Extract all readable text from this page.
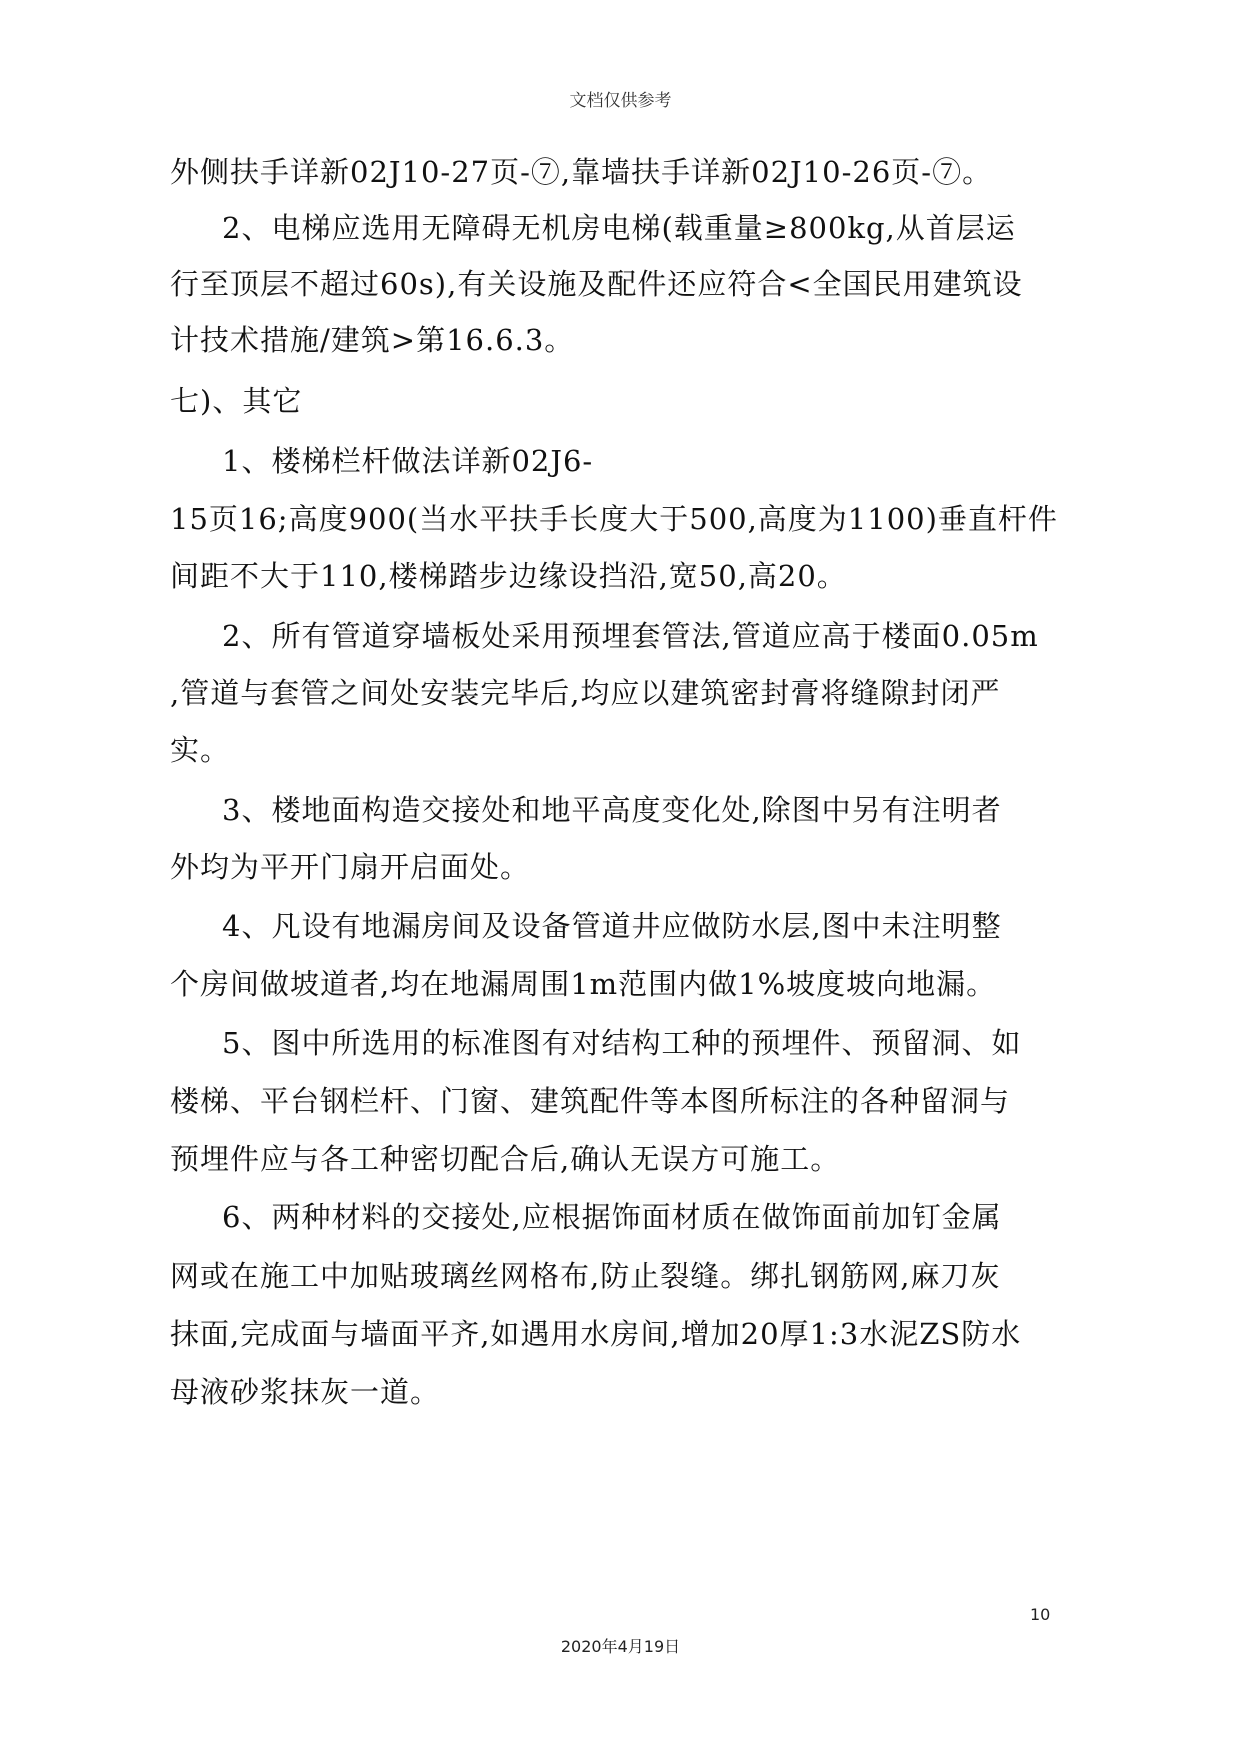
文档仅供参考
外侧扶手详新02J10-27页-⑦,靠墙扶手详新02J10-26页-⑦。
2、电梯应选用无障碍无机房电梯(载重量≥800kg,从首层运
行至顶层不超过60s),有关设施及配件还应符合<全国民用建筑设
计技术措施/建筑>第16.6.3。
七)、其它
1、楼梯栏杆做法详新02J6-
15页16;高度900(当水平扶手长度大于500,高度为1100)垂直杆件
间距不大于110,楼梯踏步边缘设挡沿,宽50,高20。
2、所有管道穿墙板处采用预埋套管法,管道应高于楼面0.05m
,管道与套管之间处安装完毕后,均应以建筑密封膏将缝隙封闭严
实。
3、楼地面构造交接处和地平高度变化处,除图中另有注明者
外均为平开门扇开启面处。
4、凡设有地漏房间及设备管道井应做防水层,图中未注明整
个房间做坡道者,均在地漏周围1m范围内做1%坡度坡向地漏。
5、图中所选用的标准图有对结构工种的预埋件、预留洞、如
楼梯、平台钢栏杆、门窗、建筑配件等本图所标注的各种留洞与
预埋件应与各工种密切配合后,确认无误方可施工。
6、两种材料的交接处,应根据饰面材质在做饰面前加钉金属
网或在施工中加贴玻璃丝网格布,防止裂缝。绑扎钢筋网,麻刀灰
抹面,完成面与墙面平齐,如遇用水房间,增加20厚1:3水泥ZS防水
母液砂浆抹灰一道。
10
2020年4月19日
